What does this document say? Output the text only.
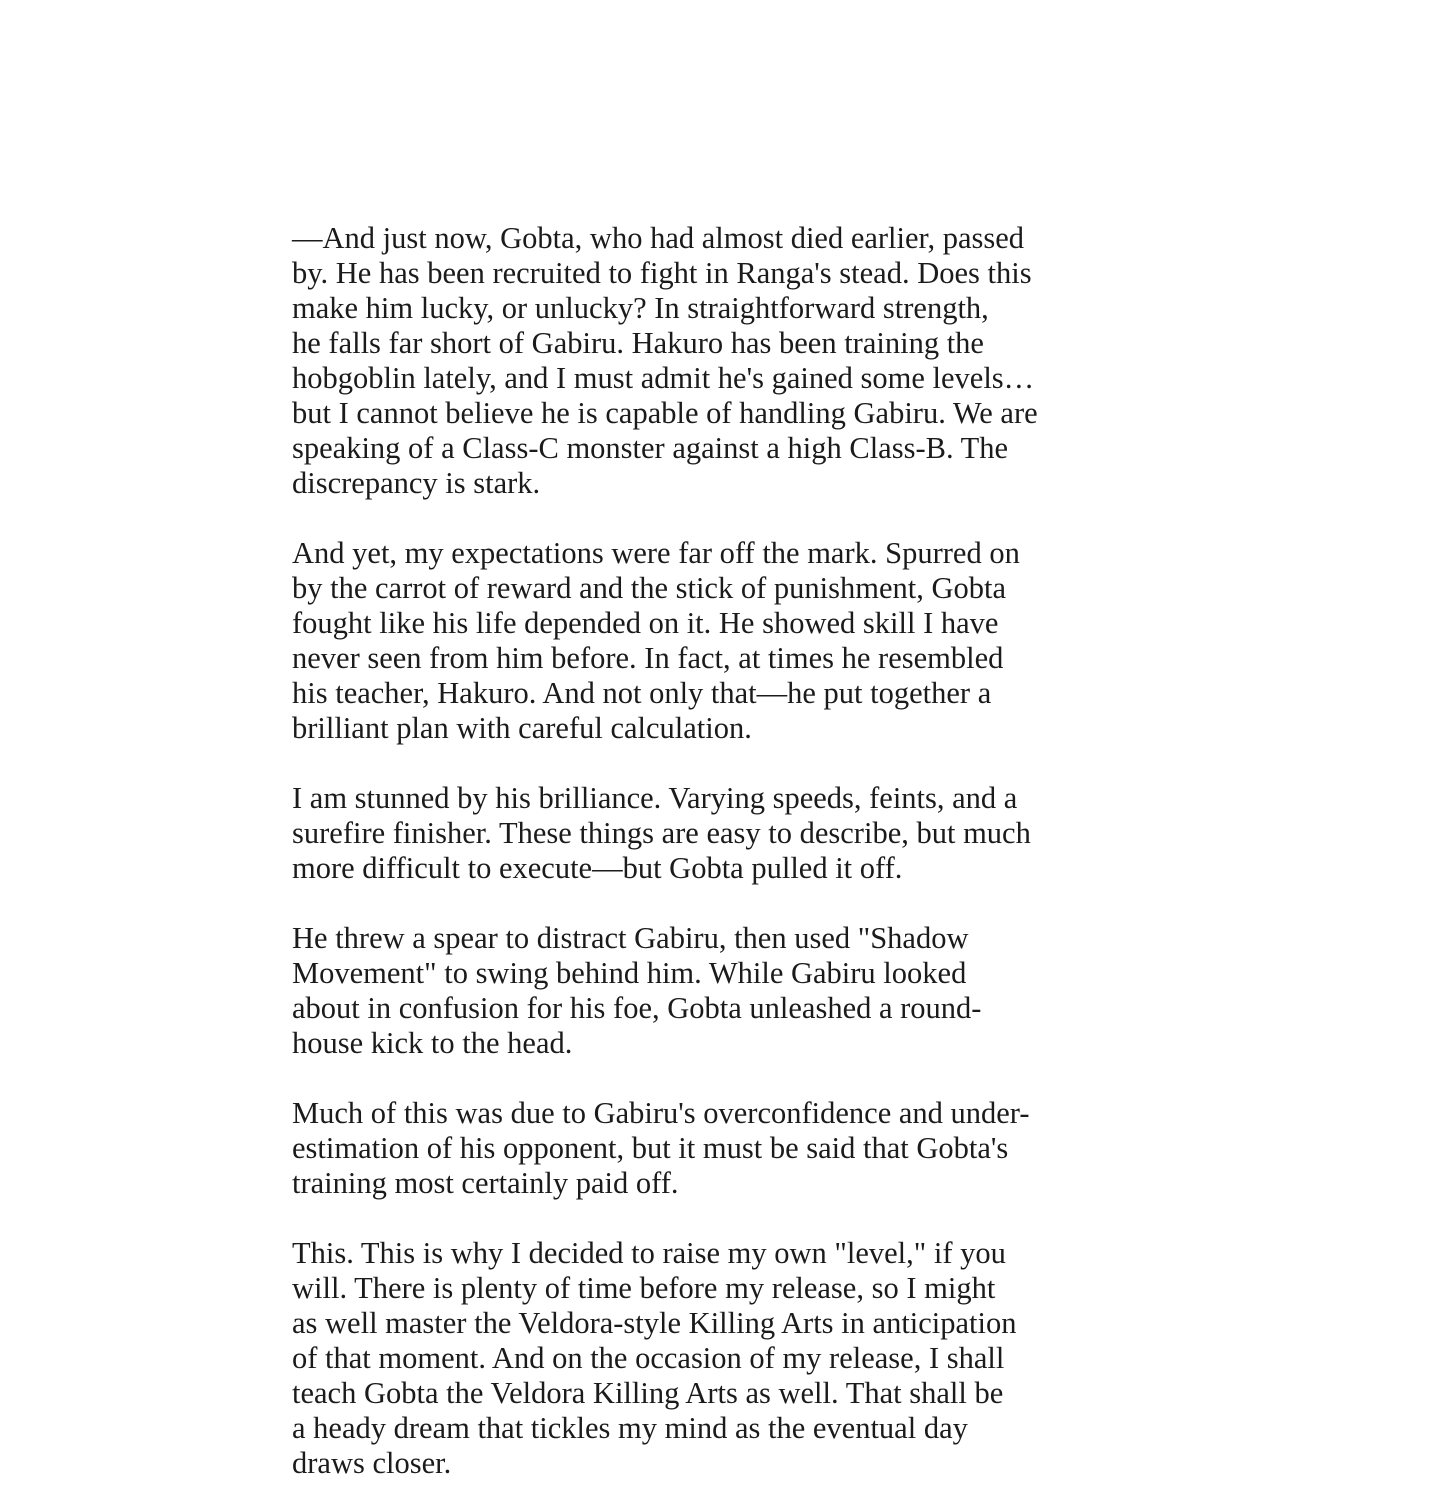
—And just now, Gobta, who had almost died earlier, passed
by. He has been recruited to fight in Ranga's stead. Does this
make him lucky, or unlucky? In straightforward strength,
he falls far short of Gabiru. Hakuro has been training the
hobgoblin lately, and I must admit he's gained some levels…
but I cannot believe he is capable of handling Gabiru. We are
speaking of a Class-C monster against a high Class-B. The
discrepancy is stark.

And yet, my expectations were far off the mark. Spurred on
by the carrot of reward and the stick of punishment, Gobta
fought like his life depended on it. He showed skill I have
never seen from him before. In fact, at times he resembled
his teacher, Hakuro. And not only that—he put together a
brilliant plan with careful calculation.

I am stunned by his brilliance. Varying speeds, feints, and a
surefire finisher. These things are easy to describe, but much
more difficult to execute—but Gobta pulled it off.

He threw a spear to distract Gabiru, then used "Shadow
Movement" to swing behind him. While Gabiru looked
about in confusion for his foe, Gobta unleashed a round-
house kick to the head.

Much of this was due to Gabiru's overconfidence and under-
estimation of his opponent, but it must be said that Gobta's
training most certainly paid off.

This. This is why I decided to raise my own "level," if you
will. There is plenty of time before my release, so I might
as well master the Veldora-style Killing Arts in anticipation
of that moment. And on the occasion of my release, I shall
teach Gobta the Veldora Killing Arts as well. That shall be
a heady dream that tickles my mind as the eventual day
draws closer.
